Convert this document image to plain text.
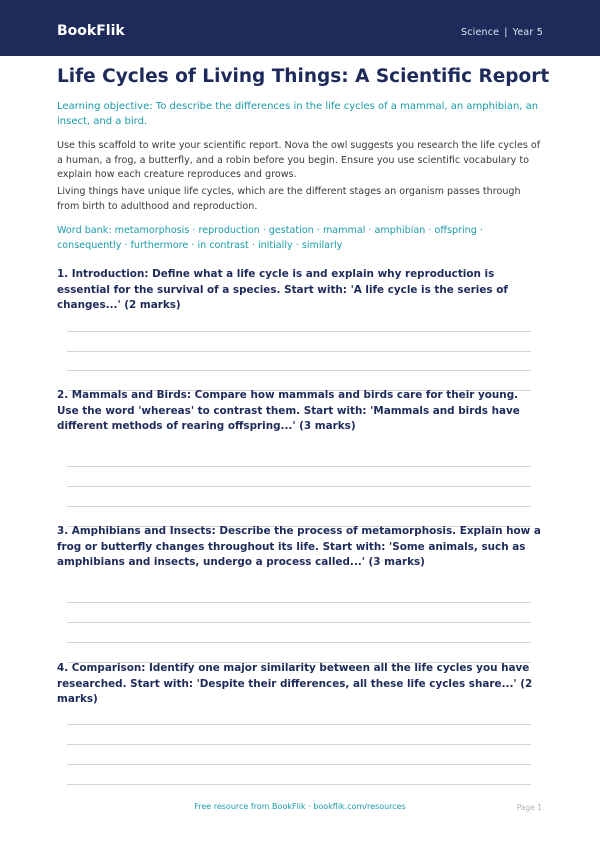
BookFlik	Science | Year 5
Life Cycles of Living Things: A Scientific Report
Learning objective: To describe the differences in the life cycles of a mammal, an amphibian, an insect, and a bird.
Use this scaffold to write your scientific report. Nova the owl suggests you research the life cycles of a human, a frog, a butterfly, and a robin before you begin. Ensure you use scientific vocabulary to explain how each creature reproduces and grows.
Living things have unique life cycles, which are the different stages an organism passes through from birth to adulthood and reproduction.
Word bank: metamorphosis · reproduction · gestation · mammal · amphibian · offspring · consequently · furthermore · in contrast · initially · similarly
1. Introduction: Define what a life cycle is and explain why reproduction is essential for the survival of a species. Start with: 'A life cycle is the series of changes...' (2 marks)
2. Mammals and Birds: Compare how mammals and birds care for their young. Use the word 'whereas' to contrast them. Start with: 'Mammals and birds have different methods of rearing offspring...' (3 marks)
3. Amphibians and Insects: Describe the process of metamorphosis. Explain how a frog or butterfly changes throughout its life. Start with: 'Some animals, such as amphibians and insects, undergo a process called...' (3 marks)
4. Comparison: Identify one major similarity between all the life cycles you have researched. Start with: 'Despite their differences, all these life cycles share...' (2 marks)
Free resource from BookFlik · bookflik.com/resources	Page 1
